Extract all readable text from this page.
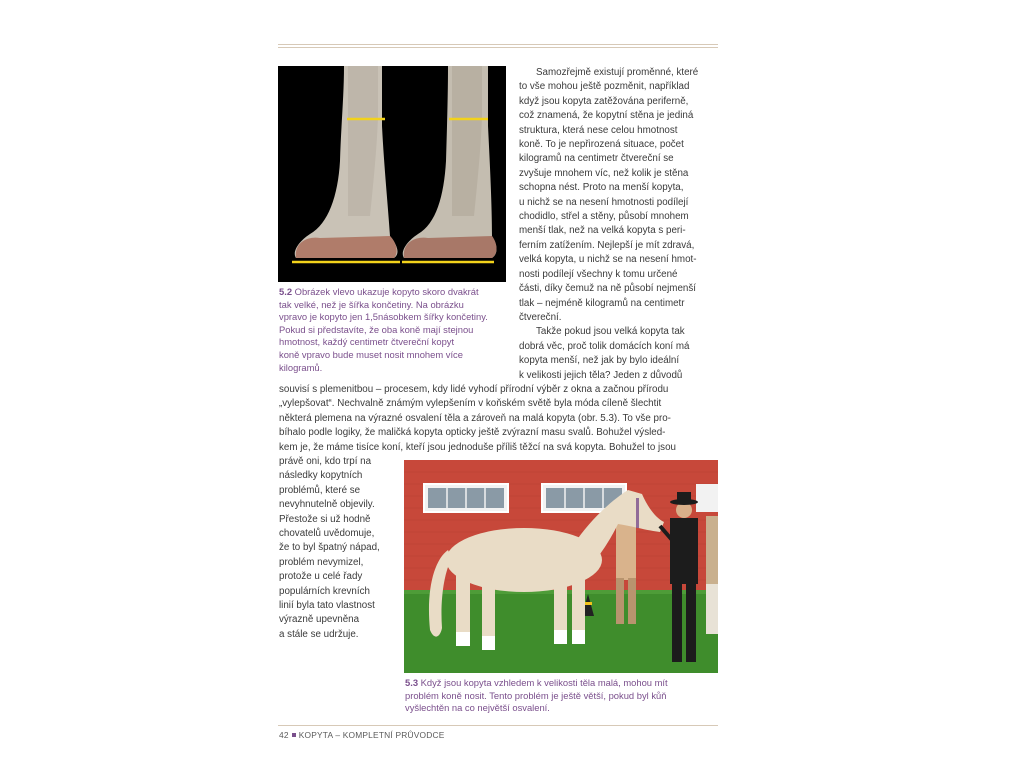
5.2 Obrázek vlevo ukazuje kopyto skoro dvakrát
tak velké, než je šířka končetiny. Na obrázku
vpravo je kopyto jen 1,5násobkem šířky končetiny.
Pokud si představíte, že oba koně mají stejnou
hmotnost, každý centimetr čtvereční kopyt
koně vpravo bude muset nosit mnohem více
kilogramů.
Samozřejmě existují proměnné, které
to vše mohou ještě pozměnit, například
když jsou kopyta zatěžována periferně,
což znamená, že kopytní stěna je jediná
struktura, která nese celou hmotnost
koně. To je nepřirozená situace, počet
kilogramů na centimetr čtvereční se
zvyšuje mnohem víc, než kolik je stěna
schopna nést. Proto na menší kopyta,
u nichž se na nesení hmotnosti podílejí
chodidlo, střel a stěny, působí mnohem
menší tlak, než na velká kopyta s peri-
ferním zatížením. Nejlepší je mít zdravá,
velká kopyta, u nichž se na nesení hmot-
nosti podílejí všechny k tomu určené
části, díky čemuž na ně působí nejmenší
tlak – nejméně kilogramů na centimetr
čtvereční.
Takže pokud jsou velká kopyta tak
dobrá věc, proč tolik domácích koní má
kopyta menší, než jak by bylo ideální
k velikosti jejich těla? Jeden z důvodů
souvisí s plemenitbou – procesem, kdy lidé vyhodí přírodní výběr z okna a začnou přírodu
„vylepšovat“. Nechvalně známým vylepšením v koňském světě byla móda cíleně šlechtit
některá plemena na výrazné osvalení těla a zároveň na malá kopyta (obr. 5.3). To vše pro-
bíhalo podle logiky, že maličká kopyta opticky ještě zvýrazní masu svalů. Bohužel výsled-
kem je, že máme tisíce koní, kteří jsou jednoduše příliš těžcí na svá kopyta. Bohužel to jsou
právě oni, kdo trpí na
následky kopytních
problémů, které se
nevyhnutelně objevily.
Přestože si už hodně
chovatelů uvědomuje,
že to byl špatný nápad,
problém nevymizel,
protože u celé řady
populárních krevních
linií byla tato vlastnost
výrazně upevněna
a stále se udržuje.
5.3 Když jsou kopyta vzhledem k velikosti těla malá, mohou mít
problém koně nosit. Tento problém je ještě větší, pokud byl kůň
vyšlechtěn na co největší osvalení.
42 KOPYTA – KOMPLETNÍ PRŮVODCE
